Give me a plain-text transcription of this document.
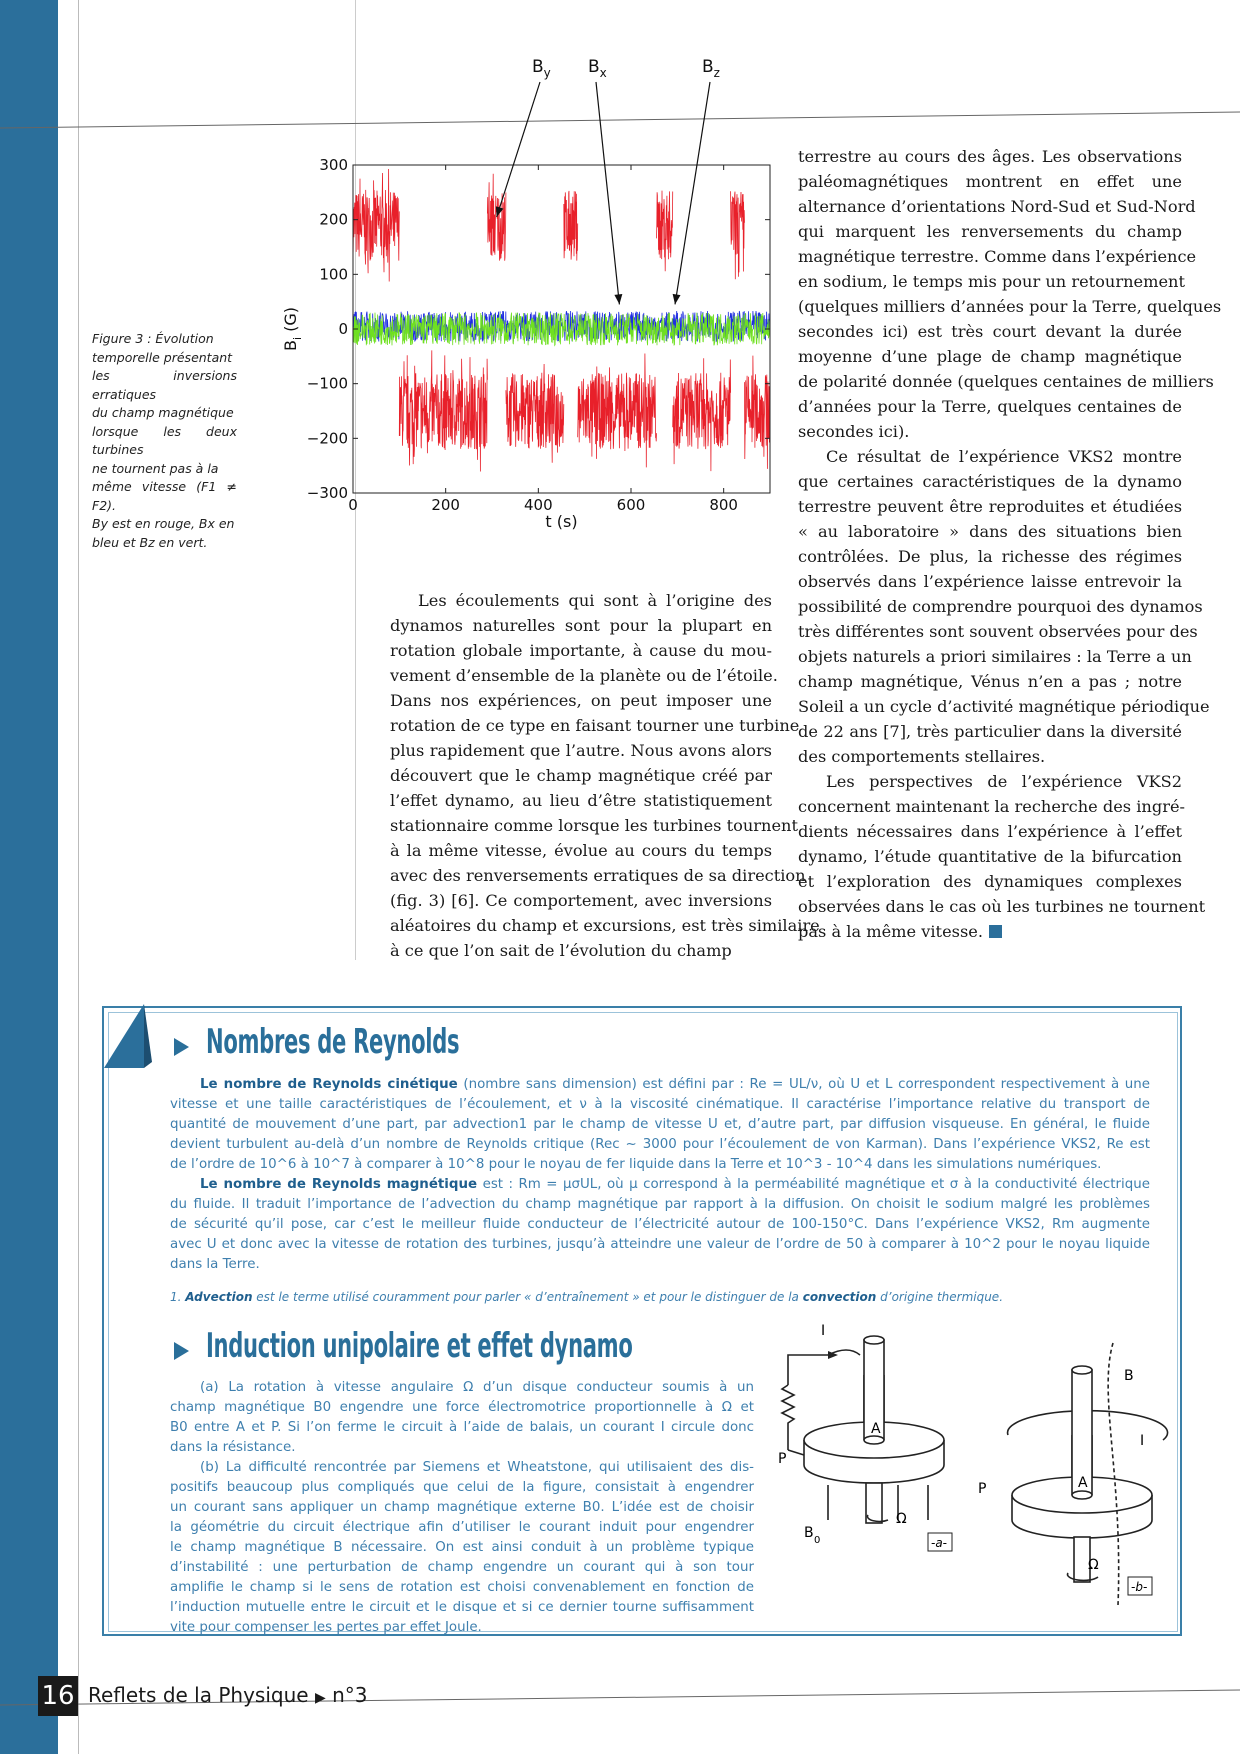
300
200
100
0
−100
−200
−300
0	200	400	600	800
t (s)
$B_i$ (G)
$B_y$ $B_x$	$B_z$
Figure 3 : Évolution
temporelle présentant
les inversions erratiques
du champ magnétique
lorsque les deux turbines
ne tournent pas à la
même vitesse (F1 ≠ F2).
By est en rouge, Bx en
bleu et Bz en vert.
Les écoulements qui sont à l’origine des
dynamos naturelles sont pour la plupart en
rotation globale importante, à cause du mou-
vement d’ensemble de la planète ou de l’étoile.
Dans nos expériences, on peut imposer une
rotation de ce type en faisant tourner une turbine
plus rapidement que l’autre. Nous avons alors
découvert que le champ magnétique créé par
l’effet dynamo, au lieu d’être statistiquement
stationnaire comme lorsque les turbines tournent
à la même vitesse, évolue au cours du temps
avec des renversements erratiques de sa direction
(fig. 3) [6]. Ce comportement, avec inversions
aléatoires du champ et excursions, est très similaire
à ce que l’on sait de l’évolution du champ
terrestre au cours des âges. Les observations
paléomagnétiques montrent en effet une
alternance d’orientations Nord-Sud et Sud-Nord
qui marquent les renversements du champ
magnétique terrestre. Comme dans l’expérience
en sodium, le temps mis pour un retournement
(quelques milliers d’années pour la Terre, quelques
secondes ici) est très court devant la durée
moyenne d’une plage de champ magnétique
de polarité donnée (quelques centaines de milliers
d’années pour la Terre, quelques centaines de
secondes ici).
Ce résultat de l’expérience VKS2 montre
que certaines caractéristiques de la dynamo
terrestre peuvent être reproduites et étudiées
« au laboratoire » dans des situations bien
contrôlées. De plus, la richesse des régimes
observés dans l’expérience laisse entrevoir la
possibilité de comprendre pourquoi des dynamos
très différentes sont souvent observées pour des
objets naturels a priori similaires : la Terre a un
champ magnétique, Vénus n’en a pas ; notre
Soleil a un cycle d’activité magnétique périodique
de 22 ans [7], très particulier dans la diversité
des comportements stellaires.
Les perspectives de l’expérience VKS2
concernent maintenant la recherche des ingré-
dients nécessaires dans l’expérience à l’effet
dynamo, l’étude quantitative de la bifurcation
et l’exploration des dynamiques complexes
observées dans le cas où les turbines ne tournent
pas à la même vitesse.
Nombres de Reynolds
Le nombre de Reynolds cinétique (nombre sans dimension) est défini par : Re = UL/ν, où U et L correspondent respectivement à une
vitesse et une taille caractéristiques de l’écoulement, et ν à la viscosité cinématique. Il caractérise l’importance relative du transport de
quantité de mouvement d’une part, par advection1 par le champ de vitesse U et, d’autre part, par diffusion visqueuse. En général, le fluide
devient turbulent au-delà d’un nombre de Reynolds critique (Rec ~ 3000 pour l’écoulement de von Karman). Dans l’expérience VKS2, Re est
de l’ordre de 10^6 à 10^7 à comparer à 10^8 pour le noyau de fer liquide dans la Terre et 10^3 - 10^4 dans les simulations numériques.
Le nombre de Reynolds magnétique est : Rm = μσUL, où μ correspond à la perméabilité magnétique et σ à la conductivité électrique
du fluide. Il traduit l’importance de l’advection du champ magnétique par rapport à la diffusion. On choisit le sodium malgré les problèmes
de sécurité qu’il pose, car c’est le meilleur fluide conducteur de l’électricité autour de 100-150°C. Dans l’expérience VKS2, Rm augmente
avec U et donc avec la vitesse de rotation des turbines, jusqu’à atteindre une valeur de l’ordre de 50 à comparer à 10^2 pour le noyau liquide
dans la Terre.
1. Advection est le terme utilisé couramment pour parler « d’entraînement » et pour le distinguer de la convection d’origine thermique.
Induction unipolaire et effet dynamo
(a) La rotation à vitesse angulaire Ω d’un disque conducteur soumis à un
champ magnétique B0 engendre une force électromotrice proportionnelle à Ω et
B0 entre A et P. Si l’on ferme le circuit à l’aide de balais, un courant I circule donc
dans la résistance.
(b) La difficulté rencontrée par Siemens et Wheatstone, qui utilisaient des dis-
positifs beaucoup plus compliqués que celui de la figure, consistait à engendrer
un courant sans appliquer un champ magnétique externe B0. L’idée est de choisir
la géométrie du circuit électrique afin d’utiliser le courant induit pour engendrer
le champ magnétique B nécessaire. On est ainsi conduit à un problème typique
d’instabilité : une perturbation de champ engendre un courant qui à son tour
amplifie le champ si le sens de rotation est choisi convenablement en fonction de
l’induction mutuelle entre le circuit et le disque et si ce dernier tourne suffisamment
vite pour compenser les pertes par effet Joule.
I
A
P
B 0
Ω
-a-
B
I
A
P
Ω
-b-
16 Reflets de la Physique ▶ n°3
